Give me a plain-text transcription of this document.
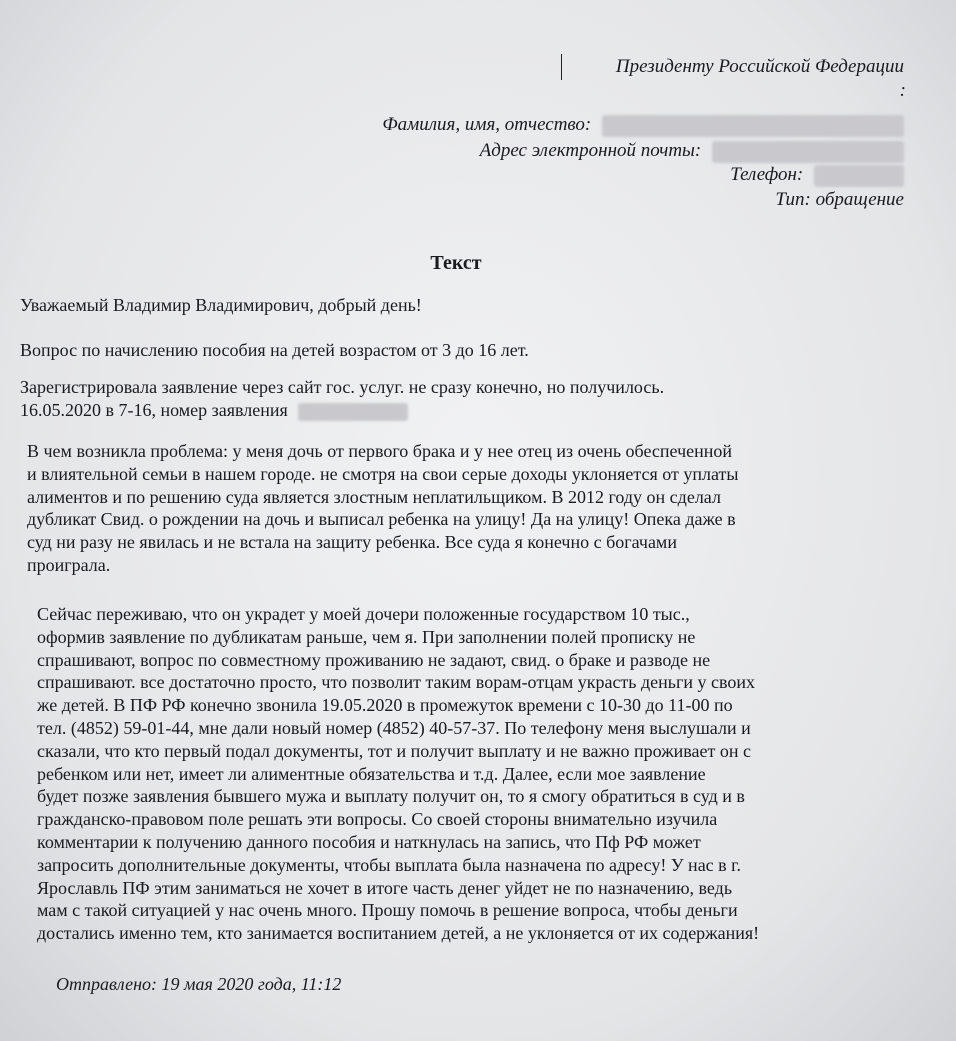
Президенту Российской Федерации
:
Фамилия, имя, отчество:
Адрес электронной почты:
Телефон:
Тип: обращение
Текст

Уважаемый Владимир Владимирович, добрый день!

Вопрос по начислению пособия на детей возрастом от 3 до 16 лет.

Зарегистрировала заявление через сайт гос. услуг. не сразу конечно, но получилось.

16.05.2020 в 7-16, номер заявления

В чем возникла проблема: у меня дочь от первого брака и у нее отец из очень обеспеченной

и влиятельной семьи в нашем городе. не смотря на свои серые доходы уклоняется от уплаты

алиментов и по решению суда является злостным неплатильщиком. В 2012 году он сделал

дубликат Свид. о рождении на дочь и выписал ребенка на улицу! Да на улицу! Опека даже в

суд ни разу не явилась и не встала на защиту ребенка. Все суда я конечно с богачами

проиграла.

Сейчас переживаю, что он украдет у моей дочери положенные государством 10 тыс.,

оформив заявление по дубликатам раньше, чем я. При заполнении полей прописку не

спрашивают, вопрос по совместному проживанию не задают, свид. о браке и разводе не

спрашивают. все достаточно просто, что позволит таким ворам-отцам украсть деньги у своих

же детей. В ПФ РФ конечно звонила 19.05.2020 в промежуток времени с 10-30 до 11-00 по

тел. (4852) 59-01-44, мне дали новый номер (4852) 40-57-37. По телефону меня выслушали и

сказали, что кто первый подал документы, тот и получит выплату и не важно проживает он с

ребенком или нет, имеет ли алиментные обязательства и т.д. Далее, если мое заявление

будет позже заявления бывшего мужа и выплату получит он, то я смогу обратиться в суд и в

гражданско-правовом поле решать эти вопросы. Со своей стороны внимательно изучила

комментарии к получению данного пособия и наткнулась на запись, что Пф РФ может

запросить дополнительные документы, чтобы выплата была назначена по адресу! У нас в г.

Ярославль ПФ этим заниматься не хочет в итоге часть денег уйдет не по назначению, ведь

мам с такой ситуацией у нас очень много. Прошу помочь в решение вопроса, чтобы деньги

достались именно тем, кто занимается воспитанием детей, а не уклоняется от их содержания!

Отправлено: 19 мая 2020 года, 11:12
